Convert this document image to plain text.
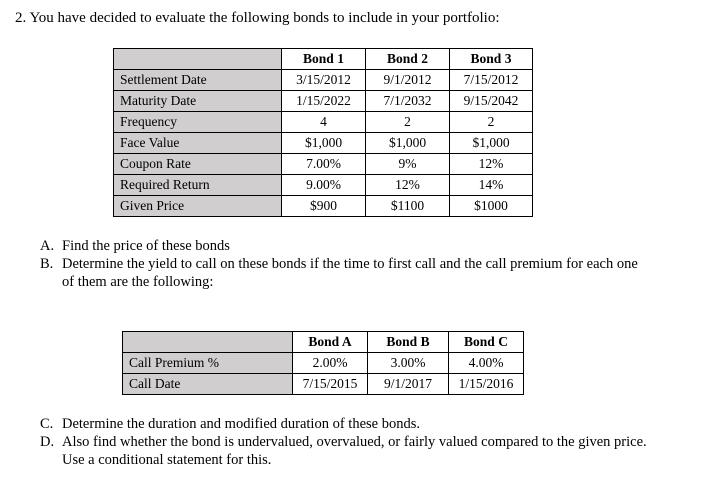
2. You have decided to evaluate the following bonds to include in your portfolio:
	Bond 1	Bond 2	Bond 3
Settlement Date	3/15/2012	9/1/2012	7/15/2012
Maturity Date	1/15/2022	7/1/2032	9/15/2042
Frequency	4	2	2
Face Value	$1,000	$1,000	$1,000
Coupon Rate	7.00%	9%	12%
Required Return	9.00%	12%	14%
Given Price	$900	$1100	$1000
A. Find the price of these bonds
B. Determine the yield to call on these bonds if the time to first call and the call premium for each one of them are the following:
	Bond A	Bond B	Bond C
Call Premium %	2.00%	3.00%	4.00%
Call Date	7/15/2015	9/1/2017	1/15/2016
C. Determine the duration and modified duration of these bonds.
D. Also find whether the bond is undervalued, overvalued, or fairly valued compared to the given price. Use a conditional statement for this.
